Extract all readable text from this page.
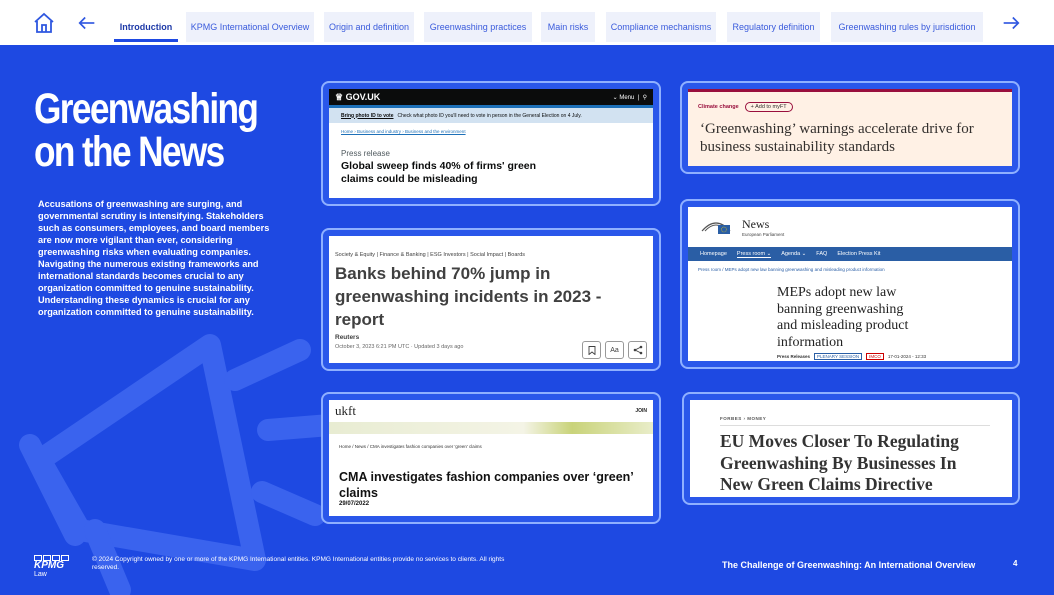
Introduction	KPMG International Overview	Origin and definition	Greenwashing practices	Main risks	Compliance mechanisms	Regulatory definition	Greenwashing rules by jurisdiction
Greenwashing
on the News
Accusations of greenwashing are surging, and governmental scrutiny is intensifying. Stakeholders such as consumers, employees, and board members are now more vigilant than ever, considering greenwashing risks when evaluating companies. Navigating the numerous existing frameworks and international standards becomes crucial to any organization committed to genuine sustainability. Understanding these dynamics is crucial for any organization committed to genuine sustainability.
♕ GOV.UK	⌄ Menu  |  ⚲
Bring photo ID to vote Check what photo ID you'll need to vote in person in the General Election on 4 July.
Home › Business and industry › Business and the environment
Press release
Global sweep finds 40% of firms' green claims could be misleading
Climate change	+ Add to myFT
‘Greenwashing’ warnings accelerate drive for business sustainability standards
News
European Parliament
Homepage Press room ⌄ Agenda ⌄ FAQ Election Press Kit
Press room / MEPs adopt new law banning greenwashing and misleading product information
MEPs adopt new law banning greenwashing and misleading product information
Press Releases	PLENARY SESSION	IMCO	17-01-2024 - 12:33
Society & Equity | Finance & Banking | ESG Investors | Social Impact | Boards
Banks behind 70% jump in greenwashing incidents in 2023 - report
Reuters
October 3, 2023 6:21 PM UTC · Updated 3 days ago	Aa
ukft	JOIN
Home / News / CMA investigates fashion companies over 'green' claims
CMA investigates fashion companies over ‘green’ claims
29/07/2022
FORBES › MONEY
EU Moves Closer To Regulating Greenwashing By Businesses In New Green Claims Directive
KPMG
Law
© 2024 Copyright owned by one or more of the KPMG International entities. KPMG International entities provide no services to clients. All rights reserved.	The Challenge of Greenwashing: An International Overview	4
